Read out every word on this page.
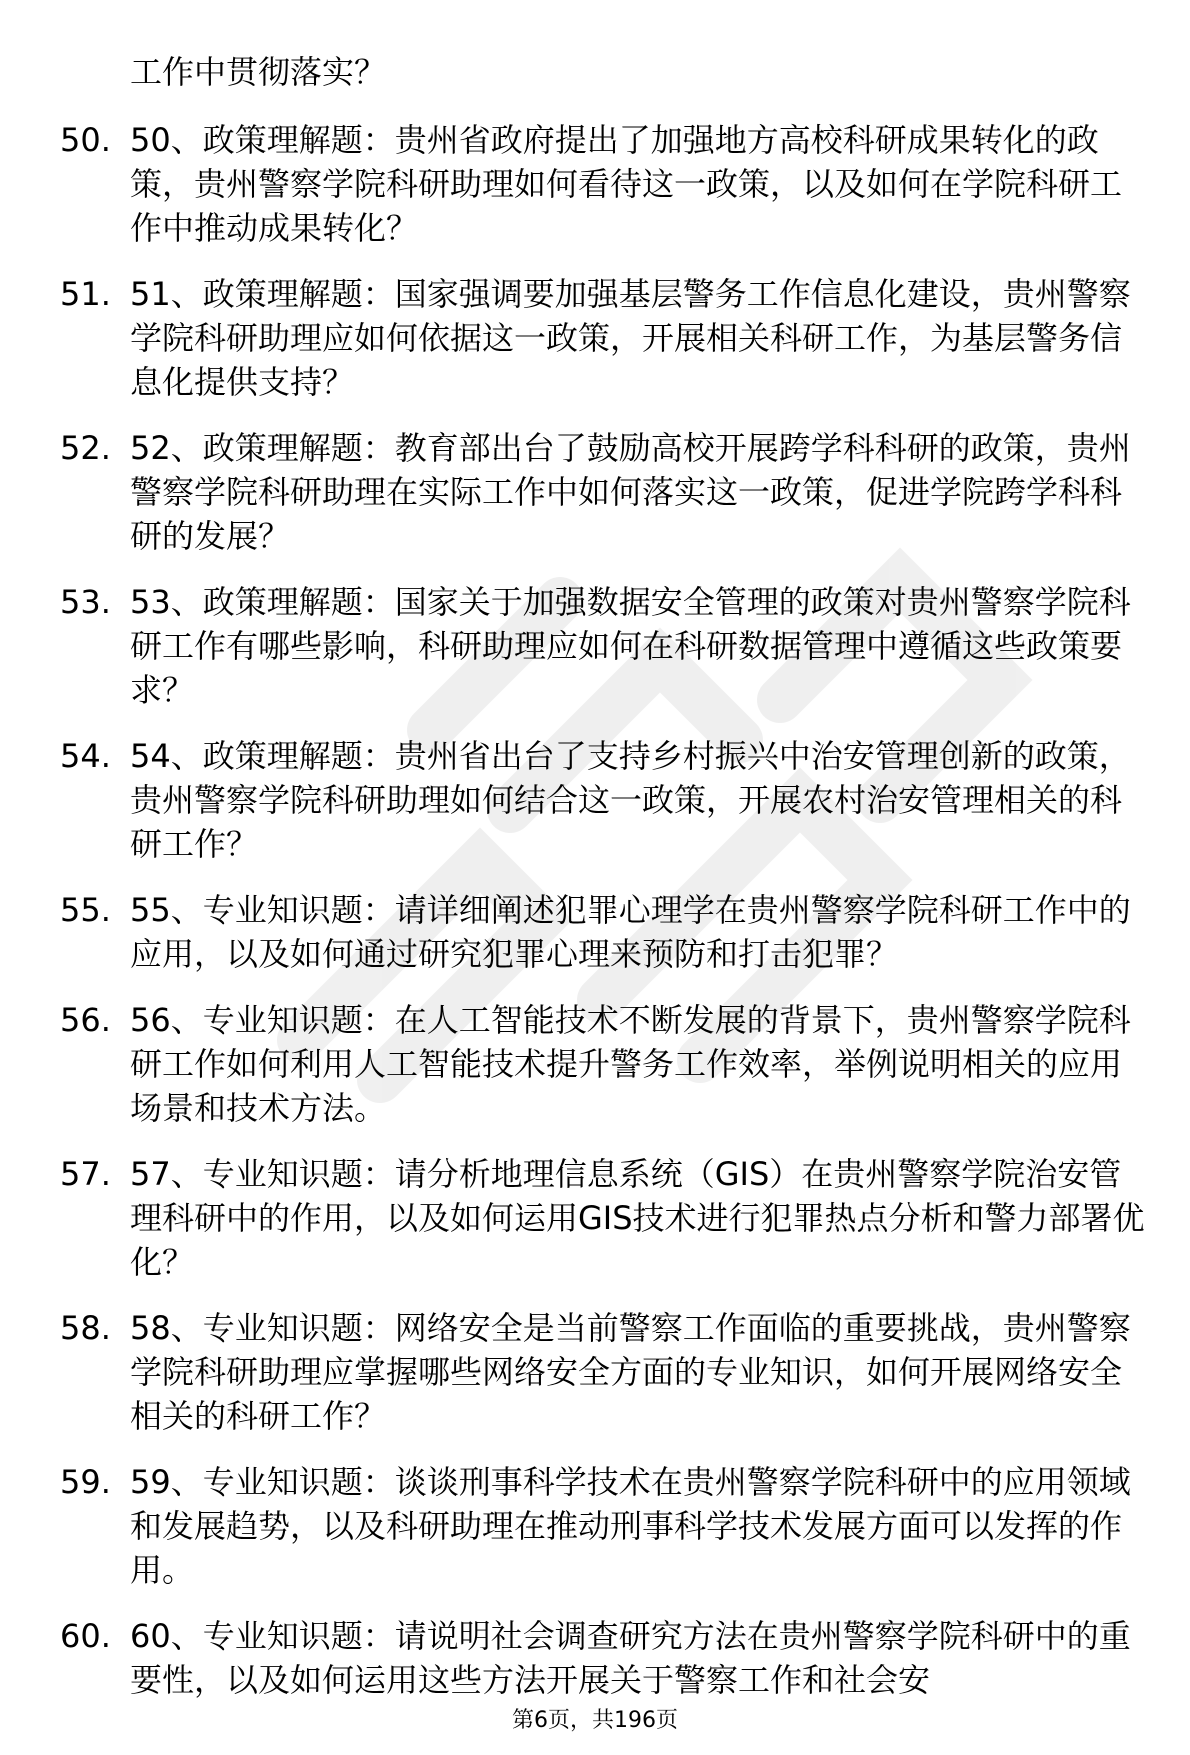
工作中贯彻落实？
50. 50、政策理解题：贵州省政府提出了加强地方高校科研成果转化的政策，贵州警察学院科研助理如何看待这一政策，以及如何在学院科研工作中推动成果转化？
51. 51、政策理解题：国家强调要加强基层警务工作信息化建设，贵州警察学院科研助理应如何依据这一政策，开展相关科研工作，为基层警务信息化提供支持？
52. 52、政策理解题：教育部出台了鼓励高校开展跨学科科研的政策，贵州警察学院科研助理在实际工作中如何落实这一政策，促进学院跨学科科研的发展？
53. 53、政策理解题：国家关于加强数据安全管理的政策对贵州警察学院科研工作有哪些影响，科研助理应如何在科研数据管理中遵循这些政策要求？
54. 54、政策理解题：贵州省出台了支持乡村振兴中治安管理创新的政策，贵州警察学院科研助理如何结合这一政策，开展农村治安管理相关的科研工作？
55. 55、专业知识题：请详细阐述犯罪心理学在贵州警察学院科研工作中的应用，以及如何通过研究犯罪心理来预防和打击犯罪？
56. 56、专业知识题：在人工智能技术不断发展的背景下，贵州警察学院科研工作如何利用人工智能技术提升警务工作效率，举例说明相关的应用场景和技术方法。
57. 57、专业知识题：请分析地理信息系统（GIS）在贵州警察学院治安管理科研中的作用，以及如何运用GIS技术进行犯罪热点分析和警力部署优化？
58. 58、专业知识题：网络安全是当前警察工作面临的重要挑战，贵州警察学院科研助理应掌握哪些网络安全方面的专业知识，如何开展网络安全相关的科研工作？
59. 59、专业知识题：谈谈刑事科学技术在贵州警察学院科研中的应用领域和发展趋势，以及科研助理在推动刑事科学技术发展方面可以发挥的作用。
60. 60、专业知识题：请说明社会调查研究方法在贵州警察学院科研中的重要性，以及如何运用这些方法开展关于警察工作和社会安
第6页，共196页
